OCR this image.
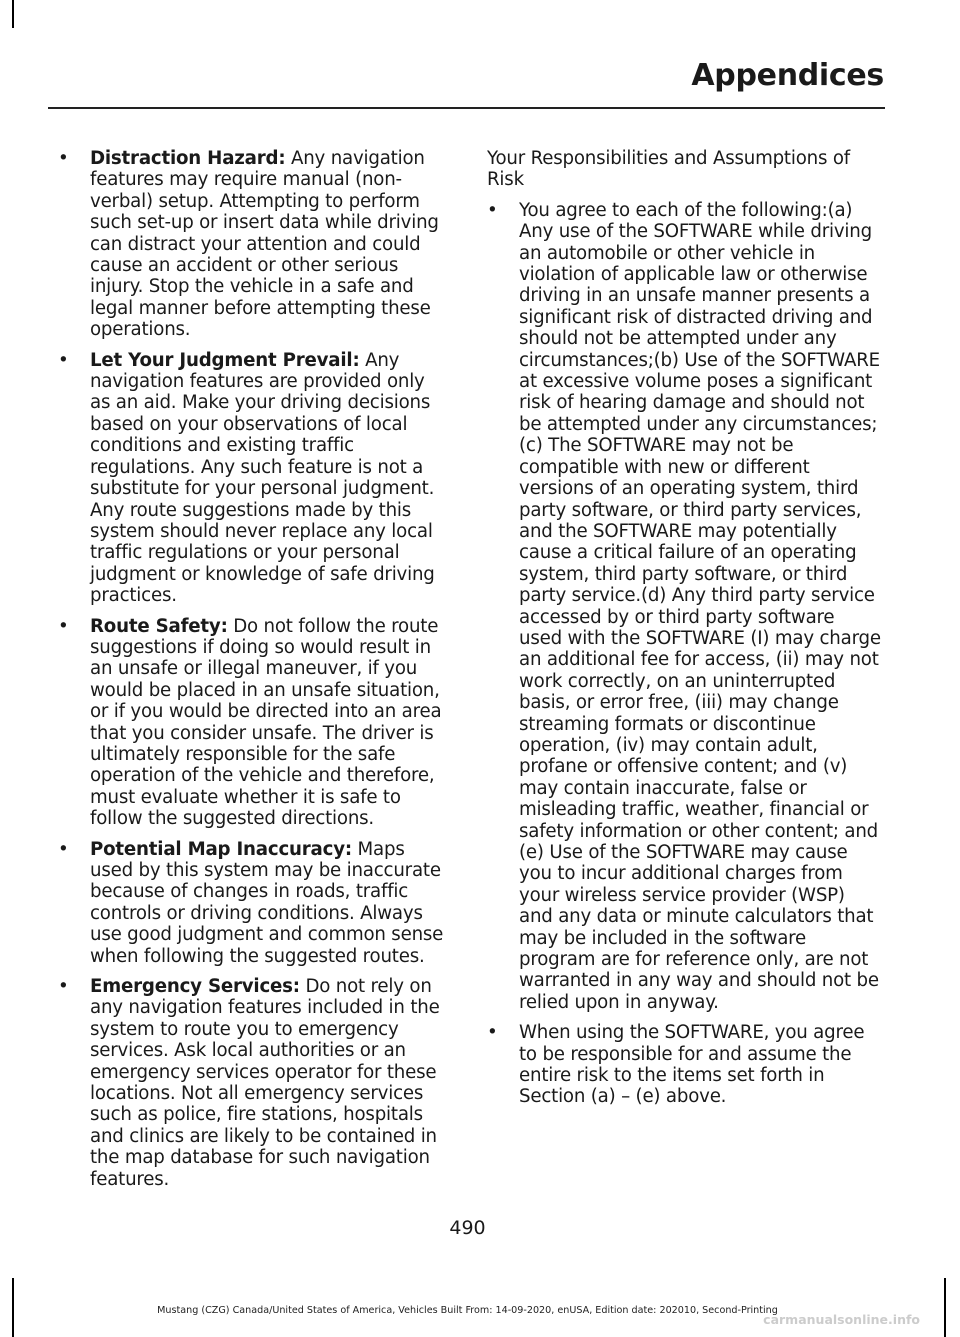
Appendices
• Distraction Hazard: Any navigation features may require manual (non-verbal) setup. Attempting to perform such set-up or insert data while driving can distract your attention and could cause an accident or other serious injury. Stop the vehicle in a safe and legal manner before attempting these operations.
• Let Your Judgment Prevail: Any navigation features are provided only as an aid. Make your driving decisions based on your observations of local conditions and existing traffic regulations. Any such feature is not a substitute for your personal judgment. Any route suggestions made by this system should never replace any local traffic regulations or your personal judgment or knowledge of safe driving practices.
• Route Safety: Do not follow the route suggestions if doing so would result in an unsafe or illegal maneuver, if you would be placed in an unsafe situation, or if you would be directed into an area that you consider unsafe. The driver is ultimately responsible for the safe operation of the vehicle and therefore, must evaluate whether it is safe to follow the suggested directions.
• Potential Map Inaccuracy: Maps used by this system may be inaccurate because of changes in roads, traffic controls or driving conditions. Always use good judgment and common sense when following the suggested routes.
• Emergency Services: Do not rely on any navigation features included in the system to route you to emergency services. Ask local authorities or an emergency services operator for these locations. Not all emergency services such as police, fire stations, hospitals and clinics are likely to be contained in the map database for such navigation features.

Your Responsibilities and Assumptions of Risk

• You agree to each of the following:(a) Any use of the SOFTWARE while driving an automobile or other vehicle in violation of applicable law or otherwise driving in an unsafe manner presents a significant risk of distracted driving and should not be attempted under any circumstances;(b) Use of the SOFTWARE at excessive volume poses a significant risk of hearing damage and should not be attempted under any circumstances;(c) The SOFTWARE may not be compatible with new or different versions of an operating system, third party software, or third party services, and the SOFTWARE may potentially cause a critical failure of an operating system, third party software, or third party service.(d) Any third party service accessed by or third party software used with the SOFTWARE (I) may charge an additional fee for access, (ii) may not work correctly, on an uninterrupted basis, or error free, (iii) may change streaming formats or discontinue operation, (iv) may contain adult, profane or offensive content; and (v) may contain inaccurate, false or misleading traffic, weather, financial or safety information or other content; and (e) Use of the SOFTWARE may cause you to incur additional charges from your wireless service provider (WSP) and any data or minute calculators that may be included in the software program are for reference only, are not warranted in any way and should not be relied upon in anyway.
• When using the SOFTWARE, you agree to be responsible for and assume the entire risk to the items set forth in Section (a) – (e) above.
490
Mustang (CZG) Canada/United States of America, Vehicles Built From: 14-09-2020, enUSA, Edition date: 202010, Second-Printing
carmanualsonline.info
